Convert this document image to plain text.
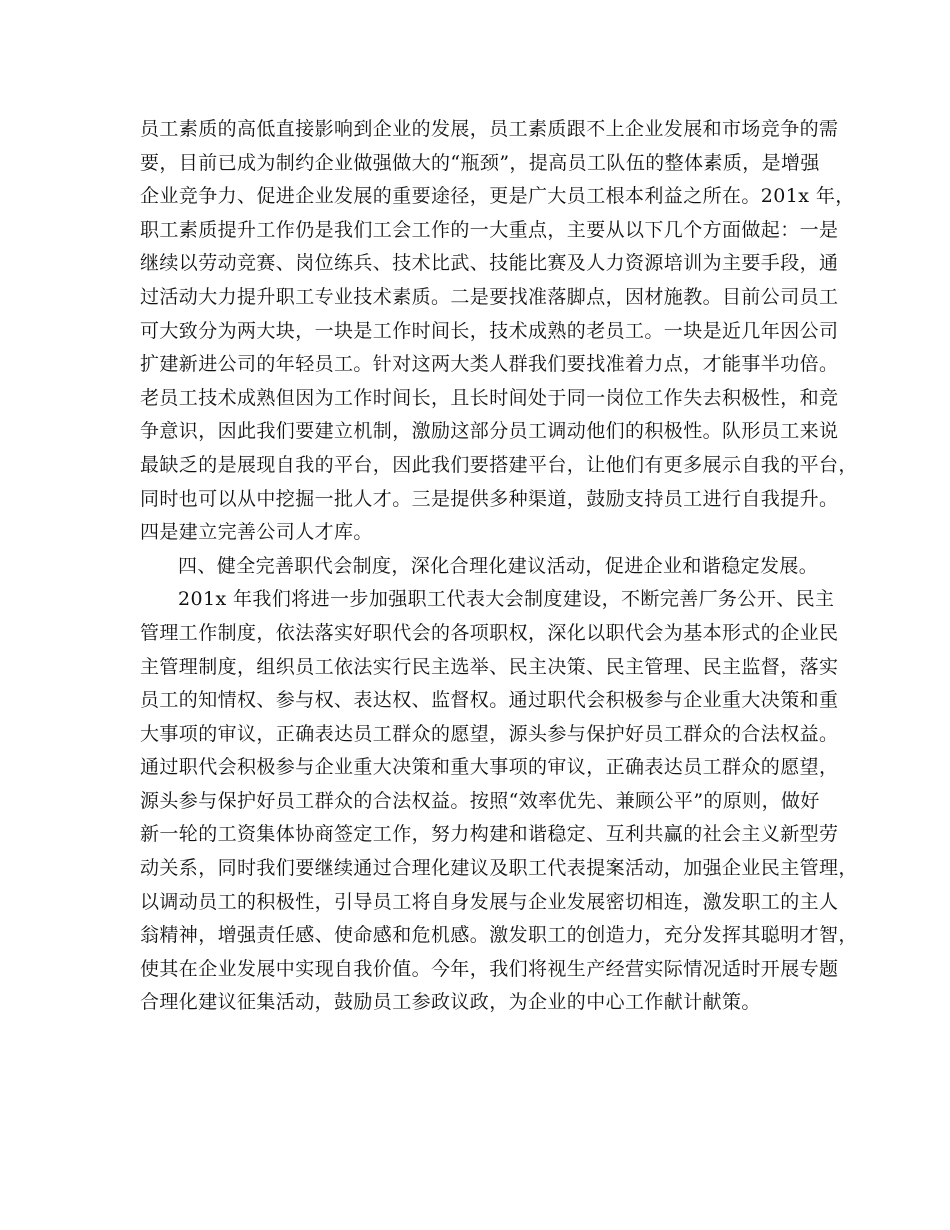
员工素质的高低直接影响到企业的发展，员工素质跟不上企业发展和市场竞争的需
要，目前已成为制约企业做强做大的“瓶颈”，提高员工队伍的整体素质，是增强
企业竞争力、促进企业发展的重要途径，更是广大员工根本利益之所在。201x 年，
职工素质提升工作仍是我们工会工作的一大重点，主要从以下几个方面做起：一是
继续以劳动竞赛、岗位练兵、技术比武、技能比赛及人力资源培训为主要手段，通
过活动大力提升职工专业技术素质。二是要找准落脚点，因材施教。目前公司员工
可大致分为两大块，一块是工作时间长，技术成熟的老员工。一块是近几年因公司
扩建新进公司的年轻员工。针对这两大类人群我们要找准着力点，才能事半功倍。
老员工技术成熟但因为工作时间长，且长时间处于同一岗位工作失去积极性，和竞
争意识，因此我们要建立机制，激励这部分员工调动他们的积极性。队形员工来说
最缺乏的是展现自我的平台，因此我们要搭建平台，让他们有更多展示自我的平台，
同时也可以从中挖掘一批人才。三是提供多种渠道，鼓励支持员工进行自我提升。
四是建立完善公司人才库。
四、健全完善职代会制度，深化合理化建议活动，促进企业和谐稳定发展。
201x 年我们将进一步加强职工代表大会制度建设，不断完善厂务公开、民主
管理工作制度，依法落实好职代会的各项职权，深化以职代会为基本形式的企业民
主管理制度，组织员工依法实行民主选举、民主决策、民主管理、民主监督，落实
员工的知情权、参与权、表达权、监督权。通过职代会积极参与企业重大决策和重
大事项的审议，正确表达员工群众的愿望，源头参与保护好员工群众的合法权益。
通过职代会积极参与企业重大决策和重大事项的审议，正确表达员工群众的愿望，
源头参与保护好员工群众的合法权益。按照“效率优先、兼顾公平”的原则，做好
新一轮的工资集体协商签定工作，努力构建和谐稳定、互利共赢的社会主义新型劳
动关系，同时我们要继续通过合理化建议及职工代表提案活动，加强企业民主管理，
以调动员工的积极性，引导员工将自身发展与企业发展密切相连，激发职工的主人
翁精神，增强责任感、使命感和危机感。激发职工的创造力，充分发挥其聪明才智，
使其在企业发展中实现自我价值。今年，我们将视生产经营实际情况适时开展专题
合理化建议征集活动，鼓励员工参政议政，为企业的中心工作献计献策。
